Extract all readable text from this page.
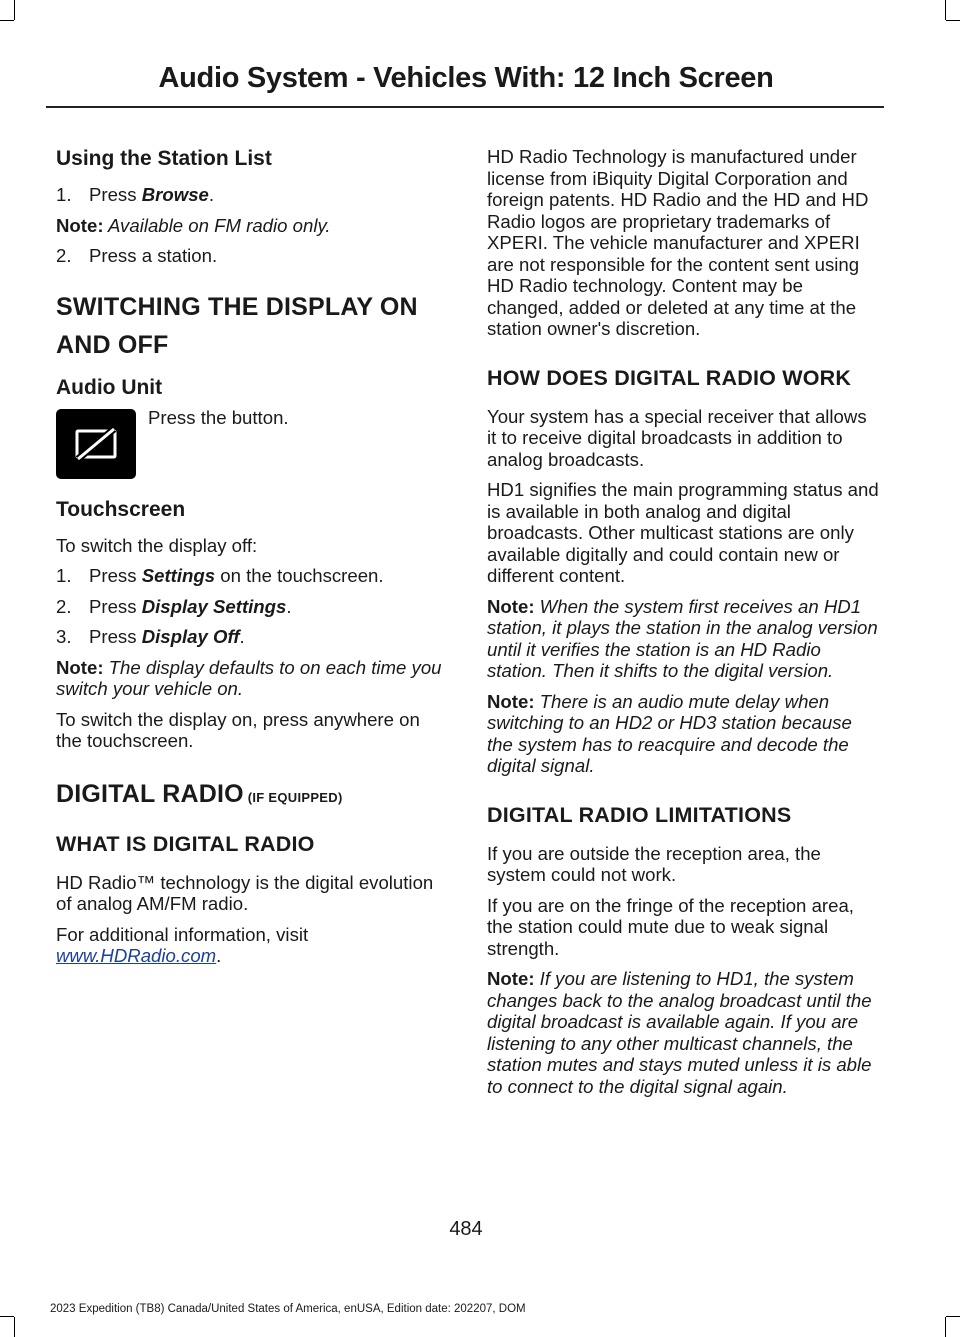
Audio System - Vehicles With: 12 Inch Screen
Using the Station List

1. Press Browse.

Note: Available on FM radio only.

2. Press a station.

SWITCHING THE DISPLAY ON
AND OFF
Audio Unit
Press the button.
Touchscreen

To switch the display off:

1. Press Settings on the touchscreen.

2. Press Display Settings.

3. Press Display Off.

Note: The display defaults to on each time you switch your vehicle on.

To switch the display on, press anywhere on the touchscreen.

DIGITAL RADIO (IF EQUIPPED)
WHAT IS DIGITAL RADIO

HD Radio™ technology is the digital evolution of analog AM/FM radio.

For additional information, visit www.HDRadio.com.

HD Radio Technology is manufactured under license from iBiquity Digital Corporation and foreign patents. HD Radio and the HD and HD Radio logos are proprietary trademarks of XPERI. The vehicle manufacturer and XPERI are not responsible for the content sent using HD Radio technology. Content may be changed, added or deleted at any time at the station owner's discretion.

HOW DOES DIGITAL RADIO WORK

Your system has a special receiver that allows it to receive digital broadcasts in addition to analog broadcasts.

HD1 signifies the main programming status and is available in both analog and digital broadcasts. Other multicast stations are only available digitally and could contain new or different content.

Note: When the system first receives an HD1 station, it plays the station in the analog version until it verifies the station is an HD Radio station. Then it shifts to the digital version.

Note: There is an audio mute delay when switching to an HD2 or HD3 station because the system has to reacquire and decode the digital signal.

DIGITAL RADIO LIMITATIONS

If you are outside the reception area, the system could not work.

If you are on the fringe of the reception area, the station could mute due to weak signal strength.

Note: If you are listening to HD1, the system changes back to the analog broadcast until the digital broadcast is available again. If you are listening to any other multicast channels, the station mutes and stays muted unless it is able to connect to the digital signal again.

484
2023 Expedition (TB8) Canada/United States of America, enUSA, Edition date: 202207, DOM
